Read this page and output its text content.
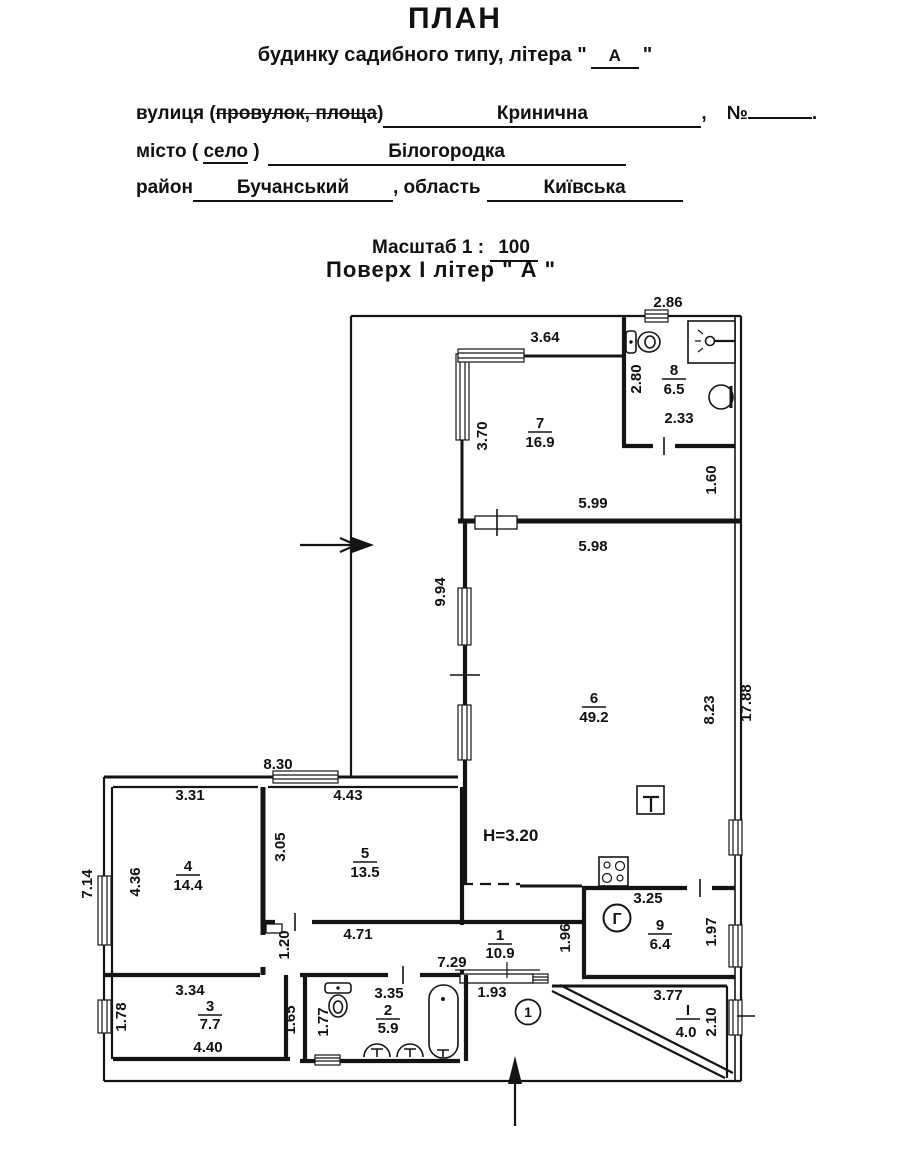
ПЛАН
будинку садибного типу, літера " А "
вулиця (провулок, площа)	Кринична	, №	.
місто ( село )	Білогородка
район	Бучанський	, область	Київська
Масштаб 1 : 100
Поверх І літер " А "
Г
1
2.86
3.64
2.80
2.33
1.60
3.70
5.99
5.98
9.94
8.23 17.88
8.30
3.31	4.43
3.05
4.36
7.14
4.71
1.20
7.29
3.34
1.78	1.65
4.40
3.35
1.77
1.93
1.96
3.25
1.97
3.77
2.10
Н=3.20
7
16.9
8
6.5
6
49.2
4
14.4
5
13.5
1
10.9
9
6.4
3
7.7
2
5.9
І
4.0
